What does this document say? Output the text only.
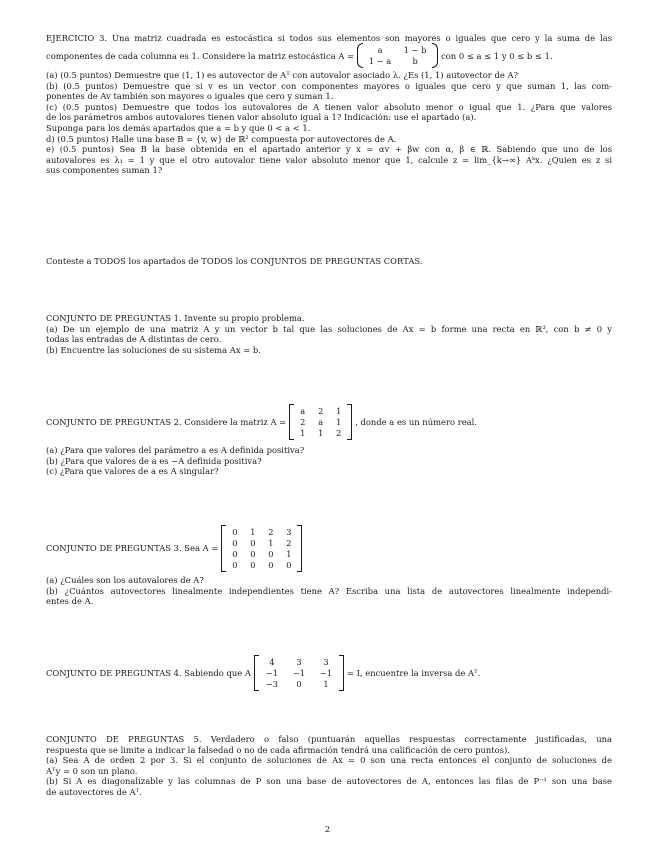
EJERCICIO 3. Una matriz cuadrada es estocástica si todos sus elementos son mayores o iguales que cero y la suma de las
componentes de cada columna es 1. Considere la matriz estocástica A =
a	1 − b
1 − a	b
con 0 ≤ a ≤ 1 y 0 ≤ b ≤ 1.
(a) (0.5 puntos) Demuestre que (1, 1) es autovector de Aᵀ con autovalor asociado λ. ¿Es (1, 1) autovector de A?
(b) (0.5 puntos) Demuestre que si v es un vector con componentes mayores o iguales que cero y que suman 1, las com-
ponentes de Av también son mayores o iguales que cero y suman 1.
(c) (0.5 puntos) Demuestre que todos los autovalores de A tienen valor absoluto menor o igual que 1. ¿Para que valores
de los parámetros ambos autovalores tienen valor absoluto igual a 1? Indicación: use el apartado (a).
Suponga para los demás apartados que a = b y que 0 < a < 1.
d) (0.5 puntos) Halle una base B = {v, w} de ℝ² compuesta por autovectores de A.
e) (0.5 puntos) Sea B la base obtenida en el apartado anterior y x = αv + βw con α, β ∈ ℝ. Sabiendo que uno de los
autovalores es λ₁ = 1 y que el otro autovalor tiene valor absoluto menor que 1, calcule z = lim_{k→∞} Aᵏx. ¿Quien es z si
sus componentes suman 1?
Conteste a TODOS los apartados de TODOS los CONJUNTOS DE PREGUNTAS CORTAS.
CONJUNTO DE PREGUNTAS 1. Invente su propio problema.
(a) De un ejemplo de una matriz A y un vector b tal que las soluciones de Ax = b forme una recta en ℝ³, con b ≠ 0 y
todas las entradas de A distintas de cero.
(b) Encuentre las soluciones de su sistema Ax = b.
CONJUNTO DE PREGUNTAS 2. Considere la matriz A =
a 2 1
2 a 1
1 1 2
, donde a es un número real.
(a) ¿Para que valores del parámetro a es A definida positiva?
(b) ¿Para que valores de a es −A definida positiva?
(c) ¿Para que valores de a es A singular?
CONJUNTO DE PREGUNTAS 3. Sea A =
0 1 2 3
0 0 1 2
0 0 0 1
0 0 0 0
(a) ¿Cuáles son los autovalores de A?
(b) ¿Cuántos autovectores linealmente independientes tiene A? Escriba una lista de autovectores linealmente independi-
entes de A.
CONJUNTO DE PREGUNTAS 4. Sabiendo que A
4	3	3
−1	−1	−1
−3	0	1
= I, encuentre la inversa de Aᵀ.
CONJUNTO DE PREGUNTAS 5. Verdadero o falso (puntuarán aquellas respuestas correctamente justificadas, una
respuesta que se limite a indicar la falsedad o no de cada afirmación tendrá una calificación de cero puntos).
(a) Sea A de orden 2 por 3. Si el conjunto de soluciones de Ax = 0 son una recta entonces el conjunto de soluciones de
Aᵀy = 0 son un plano.
(b) Si A es diagonalizable y las columnas de P son una base de autovectores de A, entonces las filas de P⁻¹ son una base
de autovectores de Aᵀ.
2
